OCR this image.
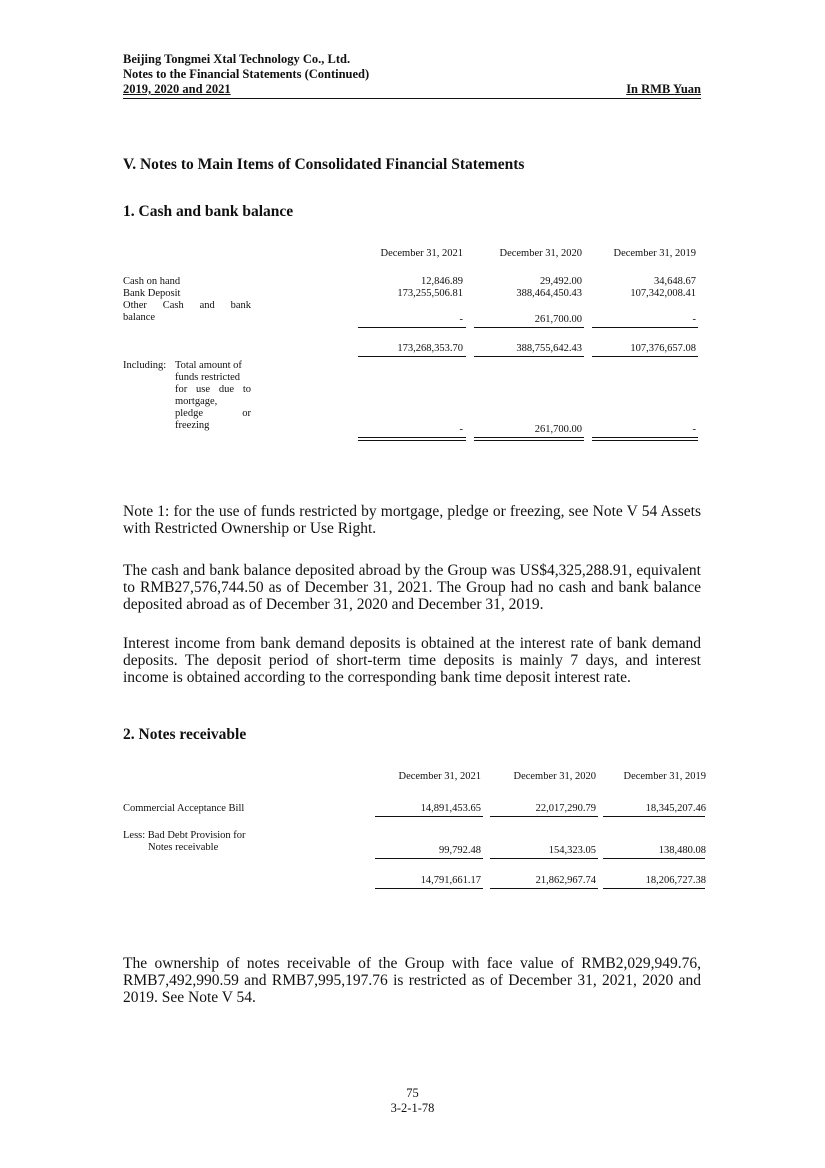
Beijing Tongmei Xtal Technology Co., Ltd.
Notes to the Financial Statements (Continued)
2019, 2020 and 2021	In RMB Yuan
V. Notes to Main Items of Consolidated Financial Statements
1. Cash and bank balance
December 31, 2021	December 31, 2020	December 31, 2019
Cash on hand	12,846.89	29,492.00	34,648.67
Bank Deposit	173,255,506.81	388,464,450.43	107,342,008.41
Other Cash and bank
balance	-	261,700.00	-
173,268,353.70	388,755,642.43	107,376,657.08
Including: Total amount of
funds restricted
for use due to
mortgage,
pledge or
freezing	-	261,700.00	-
Note 1: for the use of funds restricted by mortgage, pledge or freezing, see Note V 54 Assets with Restricted Ownership or Use Right.
The cash and bank balance deposited abroad by the Group was US$4,325,288.91, equivalent to RMB27,576,744.50 as of December 31, 2021. The Group had no cash and bank balance deposited abroad as of December 31, 2020 and December 31, 2019.
Interest income from bank demand deposits is obtained at the interest rate of bank demand deposits. The deposit period of short-term time deposits is mainly 7 days, and interest income is obtained according to the corresponding bank time deposit interest rate.
2. Notes receivable
December 31, 2021	December 31, 2020	December 31, 2019
Commercial Acceptance Bill	14,891,453.65	22,017,290.79	18,345,207.46
Less: Bad Debt Provision for
Notes receivable	99,792.48	154,323.05	138,480.08
14,791,661.17	21,862,967.74	18,206,727.38
The ownership of notes receivable of the Group with face value of RMB2,029,949.76, RMB7,492,990.59 and RMB7,995,197.76 is restricted as of December 31, 2021, 2020 and 2019. See Note V 54.
75
3-2-1-78
